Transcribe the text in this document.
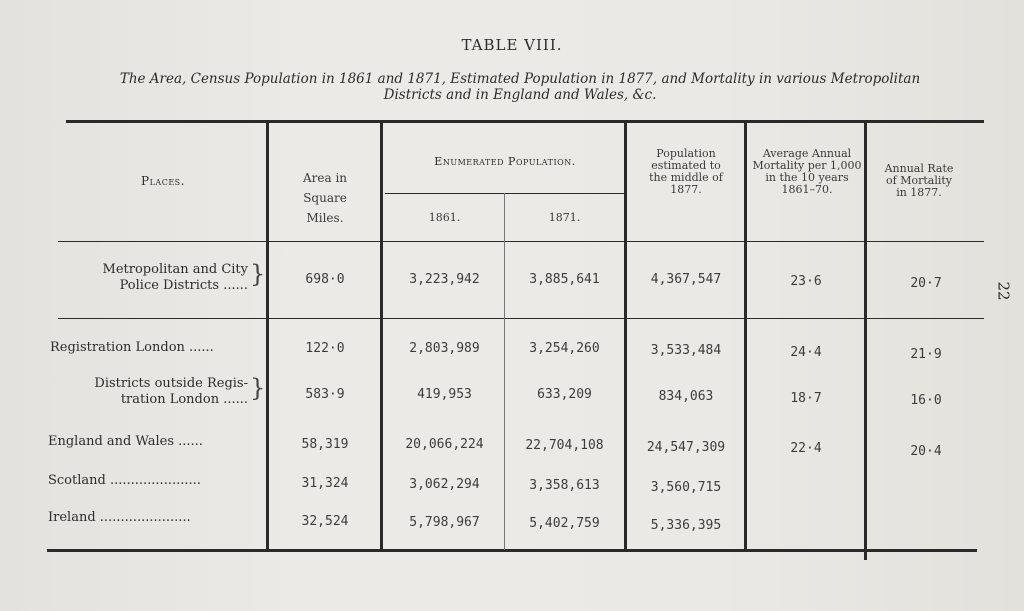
TABLE VIII.
The Area, Census Population in 1861 and 1871, Estimated Population in 1877, and Mortality in various Metropolitan Districts and in England and Wales, &c.
22
Places.	Area in Square Miles.
Enumerated Population.
1861.	1871.
Population estimated to the middle of 1877.
Average Annual Mortality per 1,000 in the 10 years 1861–70.
Annual Rate of Mortality in 1877.
Metropolitan and City
Police Districts ...... }	698·0	3,223,942	3,885,641	4,367,547	23·6	20·7
Registration London ......	122·0	2,803,989	3,254,260	3,533,484	24·4	21·9
Districts outside Regis-
tration London ...... }	583·9	419,953	633,209	834,063	18·7	16·0
England and Wales ......	58,319	20,066,224	22,704,108	24,547,309	22·4	20·4
Scotland ......................	31,324	3,062,294	3,358,613	3,560,715
Ireland ......................	32,524	5,798,967	5,402,759	5,336,395
